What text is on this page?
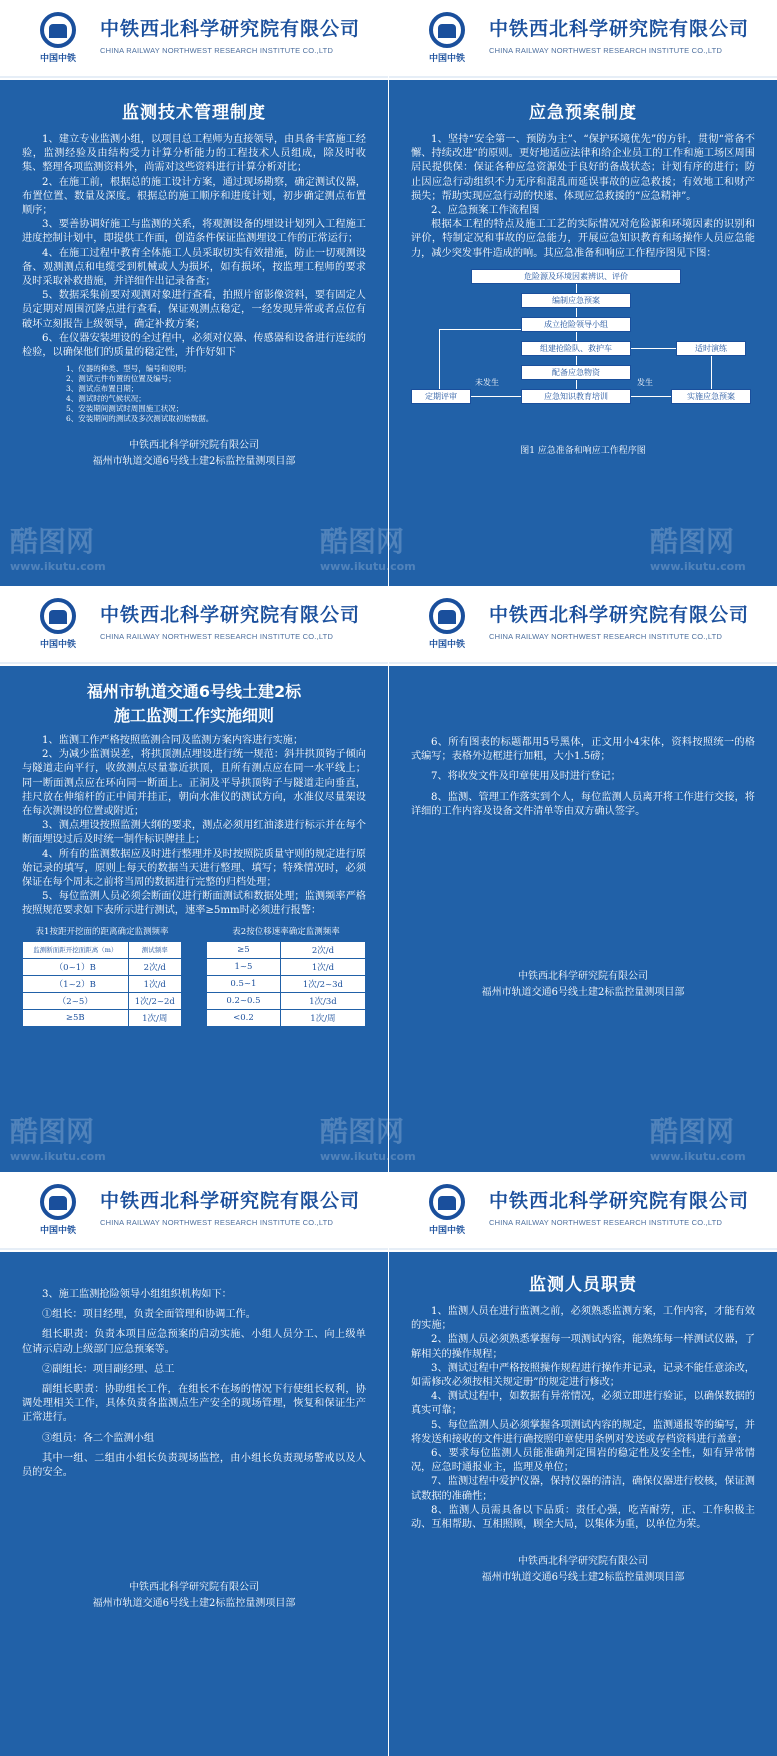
中国中铁
中铁西北科学研究院有限公司
CHINA RAILWAY NORTHWEST RESEARCH INSTITUTE CO.,LTD
监测技术管理制度

1、建立专业监测小组，以项目总工程师为直接领导，由具备丰富施工经验，监测经验及由结构受力计算分析能力的工程技术人员组成，除及时收集、整理各项监测资料外，尚需对这些资料进行计算分析对比；

2、在施工前，根据总的施工设计方案，通过现场勘察，确定测试仪器，布置位置、数量及深度。根据总的施工顺序和进度计划，初步确定测点布置顺序；

3、要善协调好施工与监测的关系，将观测设备的埋设计划列入工程施工进度控制计划中，即提供工作面，创造条件保证监测埋设工作的正常运行；

4、在施工过程中教育全体施工人员采取切实有效措施，防止一切观测设备、观测测点和电缆受到机械或人为损坏，如有损坏，按监理工程师的要求及时采取补救措施，并详细作出记录备查；

5、数据采集前要对观测对象进行查看，拍照片留影像资料，要有固定人员定期对周围沉降点进行查看，保证观测点稳定，一经发现异常或者点位有破坏立刻报告上级领导，确定补救方案；

6、在仪器安装埋设的全过程中，必须对仪器、传感器和设备进行连续的检验，以确保他们的质量的稳定性，并作好如下

1、仪器的种类、型号，编号和说明；
2、测试元件布置的位置及编号；
3、测试点布置日期；
4、测试时的气候状况；
5、安装期间测试时周围施工状况；
6、安装期间的测试及多次测试取初始数据。
中铁西北科学研究院有限公司
福州市轨道交通6号线土建2标监控量测项目部
中国中铁
中铁西北科学研究院有限公司
CHINA RAILWAY NORTHWEST RESEARCH INSTITUTE CO.,LTD
应急预案制度

1、坚持“安全第一、预防为主”、“保护环境优先”的方针，贯彻“常备不懈、持续改进”的原则。更好地适应法律和给企业员工的工作和施工场区周围居民提供保：保证各种应急资源处于良好的备战状态；计划有序的进行；防止因应急行动组织不力无序和混乱而延误事故的应急救援；有效地工和财产损失；帮助实现应急行动的快速、体现应急救援的“应急精神”。

2、应急预案工作流程图

根据本工程的特点及施工工艺的实际情况对危险源和环境因素的识别和评价，特制定况和事故的应急能力，开展应急知识教育和场操作人员应急能力，减少突发事件造成的响。其应急准备和响应工作程序图见下图：

危险源及环境因素辨识、评价
编制应急预案
成立抢险领导小组
组建抢险队、救护车
配备应急物资
应急知识教育培训
定期评审
未发生	发生
实施应急预案
适时演练
图1 应急准备和响应工作程序图
中国中铁
中铁西北科学研究院有限公司
CHINA RAILWAY NORTHWEST RESEARCH INSTITUTE CO.,LTD
福州市轨道交通6号线土建2标
施工监测工作实施细则

1、监测工作严格按照监测合同及监测方案内容进行实施；

2、为减少监测误差，将拱顶测点埋设进行统一规范：斜井拱顶钩子倾向与隧道走向平行，收敛测点尽量靠近拱顶，且所有测点应在同一水平线上；同一断面测点应在环向同一断面上。正洞及平导拱顶钩子与隧道走向垂直，挂尺放在伸缩杆的正中间并挂正，朝向水准仪的测试方向，水准仪尽量架设在每次测设的位置或附近；

3、测点埋设按照监测大纲的要求，测点必须用红油漆进行标示并在每个断面埋设过后及时统一制作标识牌挂上；

4、所有的监测数据应及时进行整理并及时按照院质量守则的规定进行原始记录的填写，原则上每天的数据当天进行整理、填写；特殊情况时，必须保证在每个周末之前将当周的数据进行完整的归档处理；

5、每位监测人员必须会断面仪进行断面测试和数据处理；监测频率严格按照规范要求如下表所示进行测试，速率≥5mm时必须进行报警：

表1按距开挖面的距离确定监测频率
监测断面距开挖面距离（m）	测试频率
（0~1）B	2次/d
（1~2）B	1次/d
（2~5）	1次/2~2d
≥5B	1次/周
表2按位移速率确定监测频率
≥5	2次/d
1~5	1次/d
0.5~1	1次/2~3d
0.2~0.5	1次/3d
<0.2	1次/周
中国中铁
中铁西北科学研究院有限公司
CHINA RAILWAY NORTHWEST RESEARCH INSTITUTE CO.,LTD

6、所有图表的标题都用5号黑体，正文用小4宋体，资料按照统一的格式编写；表格外边框进行加粗，大小1.5磅；

7、将收发文件及印章使用及时进行登记；

8、监测、管理工作落实到个人，每位监测人员离开将工作进行交接，将详细的工作内容及设备文件清单等由双方确认签字。

中铁西北科学研究院有限公司
福州市轨道交通6号线土建2标监控量测项目部
中国中铁
中铁西北科学研究院有限公司
CHINA RAILWAY NORTHWEST RESEARCH INSTITUTE CO.,LTD

3、施工监测抢险领导小组组织机构如下：

①组长：项目经理，负责全面管理和协调工作。

组长职责：负责本项目应急预案的启动实施、小组人员分工、向上级单位请示启动上级部门应急预案等。

②副组长：项目副经理、总工

副组长职责：协助组长工作，在组长不在场的情况下行使组长权利，协调处理相关工作，具体负责各监测点生产安全的现场管理，恢复和保证生产正常进行。

③组员：各二个监测小组

其中一组、二组由小组长负责现场监控，由小组长负责现场警戒以及人员的安全。

中铁西北科学研究院有限公司
福州市轨道交通6号线土建2标监控量测项目部
中国中铁
中铁西北科学研究院有限公司
CHINA RAILWAY NORTHWEST RESEARCH INSTITUTE CO.,LTD
监测人员职责

1、监测人员在进行监测之前，必须熟悉监测方案，工作内容，才能有效的实施；

2、监测人员必须熟悉掌握每一项测试内容，能熟练每一样测试仪器，了解相关的操作规程；

3、测试过程中严格按照操作规程进行操作并记录，记录不能任意涂改，如需修改必须按相关规定册”的规定进行修改；

4、测试过程中，如数据有异常情况，必须立即进行验证，以确保数据的真实可靠；

5、每位监测人员必须掌握各项测试内容的规定，监测通报等的编写，并将发送和接收的文件进行确按照印章使用条例对发送或存档资料进行盖章；

6、要求每位监测人员能准确判定围岩的稳定性及安全性，如有异常情况，应急时通报业主，监理及单位；

7、监测过程中爱护仪器，保持仪器的清洁，确保仪器进行校核，保证测试数据的准确性；

8、监测人员需具备以下品质：责任心强，吃苦耐劳，正、工作积极主动、互相帮助、互相照顾，顾全大局，以集体为重，以单位为荣。

中铁西北科学研究院有限公司
福州市轨道交通6号线土建2标监控量测项目部
酷图网
www.ikutu.com
酷图网
www.ikutu.com
酷图网
www.ikutu.com
酷图网
www.ikutu.com
酷图网
www.ikutu.com
酷图网
www.ikutu.com
